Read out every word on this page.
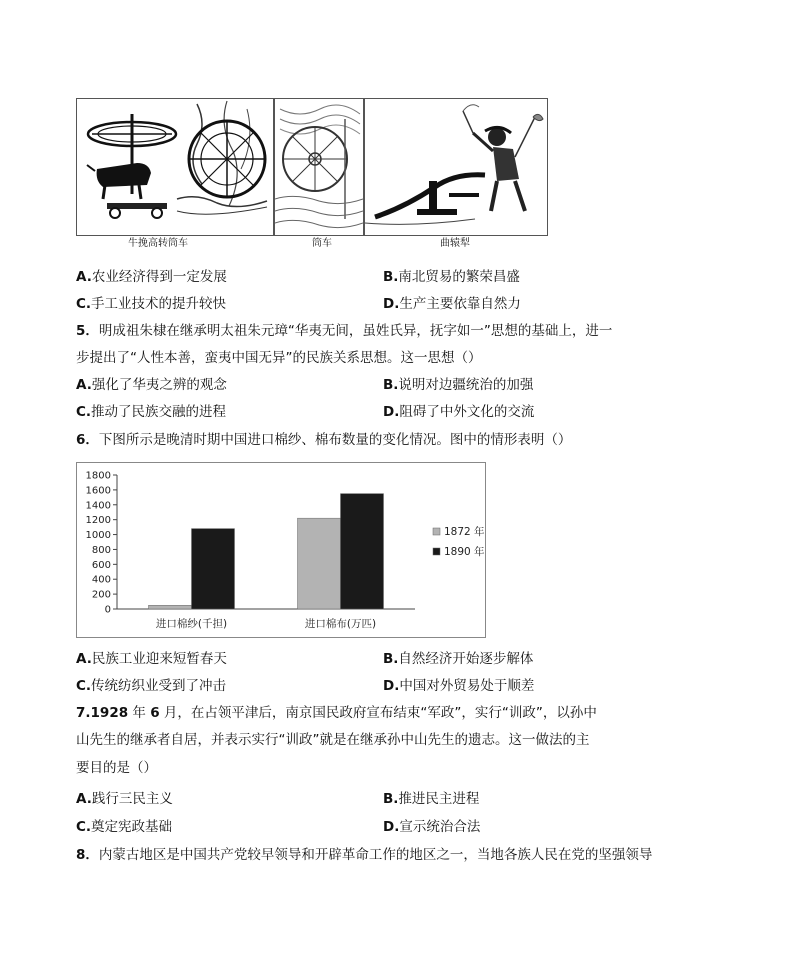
牛挽高转筒车	筒车	曲辕犁
A.农业经济得到一定发展	B.南北贸易的繁荣昌盛
C.手工业技术的提升较快	D.生产主要依靠自然力
5．明成祖朱棣在继承明太祖朱元璋“华夷无间，虽姓氏异，抚字如一”思想的基础上，进一
步提出了“人性本善，蛮夷中国无异”的民族关系思想。这一思想（）
A.强化了华夷之辨的观念	B.说明对边疆统治的加强
C.推动了民族交融的进程	D.阻碍了中外文化的交流
6．下图所示是晚清时期中国进口棉纱、棉布数量的变化情况。图中的情形表明（）
0
200
400
600
800
1000
1200
1400
1600
1800
进口棉纱(千担)	进口棉布(万匹)
1872 年
1890 年
A.民族工业迎来短暂春天	B.自然经济开始逐步解体
C.传统纺织业受到了冲击	D.中国对外贸易处于顺差
7.1928 年 6 月，在占领平津后，南京国民政府宣布结束“军政”，实行“训政”，以孙中
山先生的继承者自居，并表示实行“训政”就是在继承孙中山先生的遗志。这一做法的主
要目的是（）
A.践行三民主义	B.推进民主进程
C.奠定宪政基础	D.宣示统治合法
8．内蒙古地区是中国共产党较早领导和开辟革命工作的地区之一，当地各族人民在党的坚强领导
